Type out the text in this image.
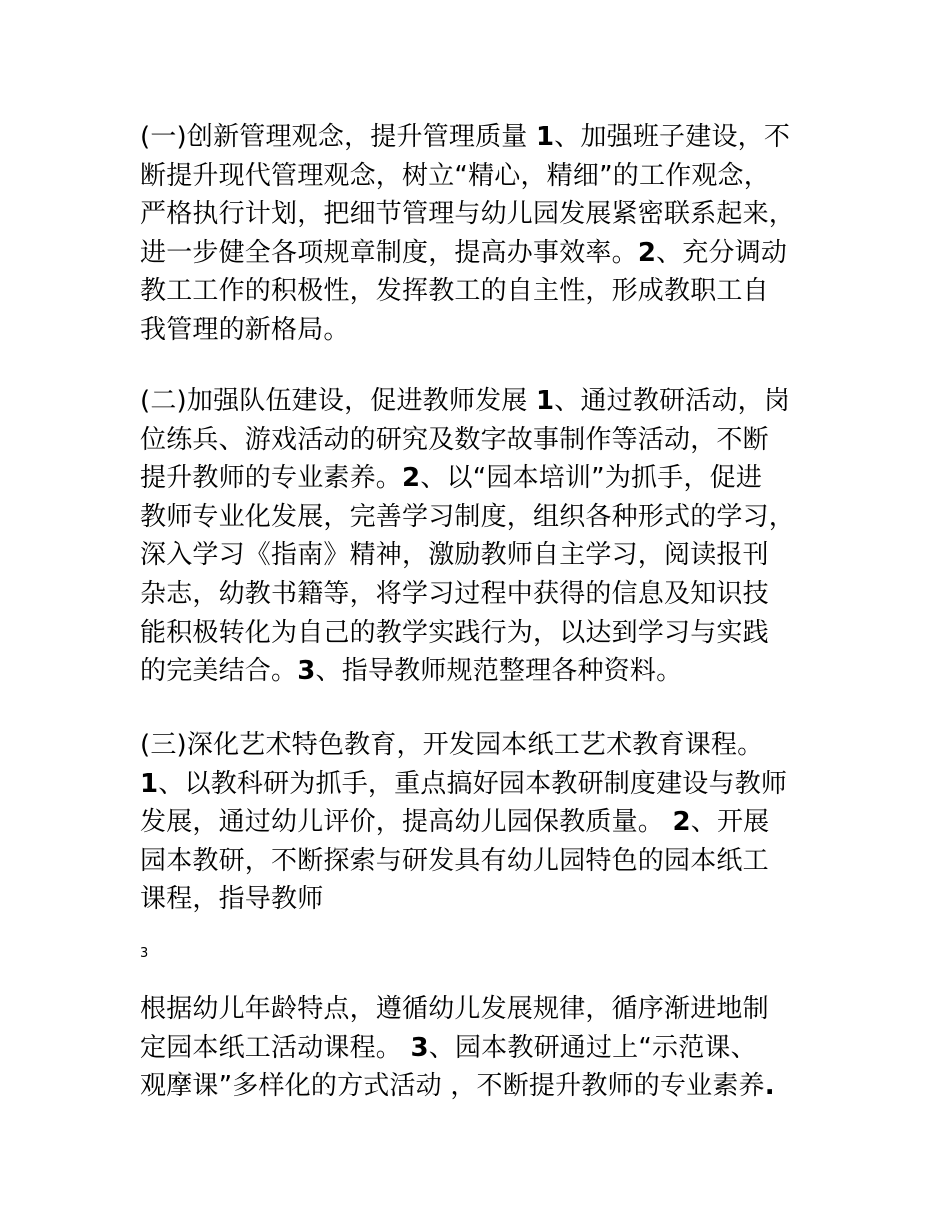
(一)创新管理观念，提升管理质量 1、加强班子建设，不
断提升现代管理观念，树立“精心，精细”的工作观念，
严格执行计划，把细节管理与幼儿园发展紧密联系起来，
进一步健全各项规章制度，提高办事效率。2、充分调动
教工工作的积极性，发挥教工的自主性，形成教职工自
我管理的新格局。

(二)加强队伍建设，促进教师发展 1、通过教研活动，岗
位练兵、游戏活动的研究及数字故事制作等活动，不断
提升教师的专业素养。2、以“园本培训”为抓手，促进
教师专业化发展，完善学习制度，组织各种形式的学习，
深入学习《指南》精神，激励教师自主学习，阅读报刊
杂志，幼教书籍等，将学习过程中获得的信息及知识技
能积极转化为自己的教学实践行为，以达到学习与实践
的完美结合。3、指导教师规范整理各种资料。

(三)深化艺术特色教育，开发园本纸工艺术教育课程。
1、以教科研为抓手，重点搞好园本教研制度建设与教师
发展，通过幼儿评价，提高幼儿园保教质量。 2、开展
园本教研，不断探索与研发具有幼儿园特色的园本纸工
课程，指导教师

3

根据幼儿年龄特点，遵循幼儿发展规律，循序渐进地制
定园本纸工活动课程。 3、园本教研通过上“示范课、
观摩课”多样化的方式活动 ，不断提升教师的专业素养.
